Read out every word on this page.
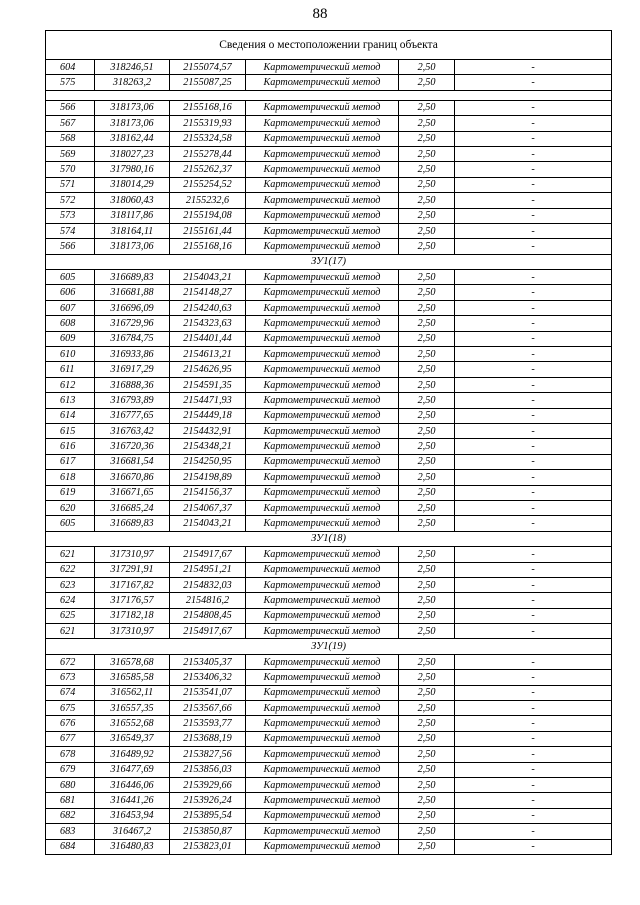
88
Сведения о местоположении границ объекта					
604	318246,51	2155074,57	Картометрический метод	2,50	-
575	318263,2	2155087,25	Картометрический метод	2,50	-

566	318173,06	2155168,16	Картометрический метод	2,50	-
567	318173,06	2155319,93	Картометрический метод	2,50	-
568	318162,44	2155324,58	Картометрический метод	2,50	-
569	318027,23	2155278,44	Картометрический метод	2,50	-
570	317980,16	2155262,37	Картометрический метод	2,50	-
571	318014,29	2155254,52	Картометрический метод	2,50	-
572	318060,43	2155232,6	Картометрический метод	2,50	-
573	318117,86	2155194,08	Картометрический метод	2,50	-
574	318164,11	2155161,44	Картометрический метод	2,50	-
566	318173,06	2155168,16	Картометрический метод	2,50	-
ЗУ1(17)					
605	316689,83	2154043,21	Картометрический метод	2,50	-
606	316681,88	2154148,27	Картометрический метод	2,50	-
607	316696,09	2154240,63	Картометрический метод	2,50	-
608	316729,96	2154323,63	Картометрический метод	2,50	-
609	316784,75	2154401,44	Картометрический метод	2,50	-
610	316933,86	2154613,21	Картометрический метод	2,50	-
611	316917,29	2154626,95	Картометрический метод	2,50	-
612	316888,36	2154591,35	Картометрический метод	2,50	-
613	316793,89	2154471,93	Картометрический метод	2,50	-
614	316777,65	2154449,18	Картометрический метод	2,50	-
615	316763,42	2154432,91	Картометрический метод	2,50	-
616	316720,36	2154348,21	Картометрический метод	2,50	-
617	316681,54	2154250,95	Картометрический метод	2,50	-
618	316670,86	2154198,89	Картометрический метод	2,50	-
619	316671,65	2154156,37	Картометрический метод	2,50	-
620	316685,24	2154067,37	Картометрический метод	2,50	-
605	316689,83	2154043,21	Картометрический метод	2,50	-
ЗУ1(18)					
621	317310,97	2154917,67	Картометрический метод	2,50	-
622	317291,91	2154951,21	Картометрический метод	2,50	-
623	317167,82	2154832,03	Картометрический метод	2,50	-
624	317176,57	2154816,2	Картометрический метод	2,50	-
625	317182,18	2154808,45	Картометрический метод	2,50	-
621	317310,97	2154917,67	Картометрический метод	2,50	-
ЗУ1(19)					
672	316578,68	2153405,37	Картометрический метод	2,50	-
673	316585,58	2153406,32	Картометрический метод	2,50	-
674	316562,11	2153541,07	Картометрический метод	2,50	-
675	316557,35	2153567,66	Картометрический метод	2,50	-
676	316552,68	2153593,77	Картометрический метод	2,50	-
677	316549,37	2153688,19	Картометрический метод	2,50	-
678	316489,92	2153827,56	Картометрический метод	2,50	-
679	316477,69	2153856,03	Картометрический метод	2,50	-
680	316446,06	2153929,66	Картометрический метод	2,50	-
681	316441,26	2153926,24	Картометрический метод	2,50	-
682	316453,94	2153895,54	Картометрический метод	2,50	-
683	316467,2	2153850,87	Картометрический метод	2,50	-
684	316480,83	2153823,01	Картометрический метод	2,50	-
